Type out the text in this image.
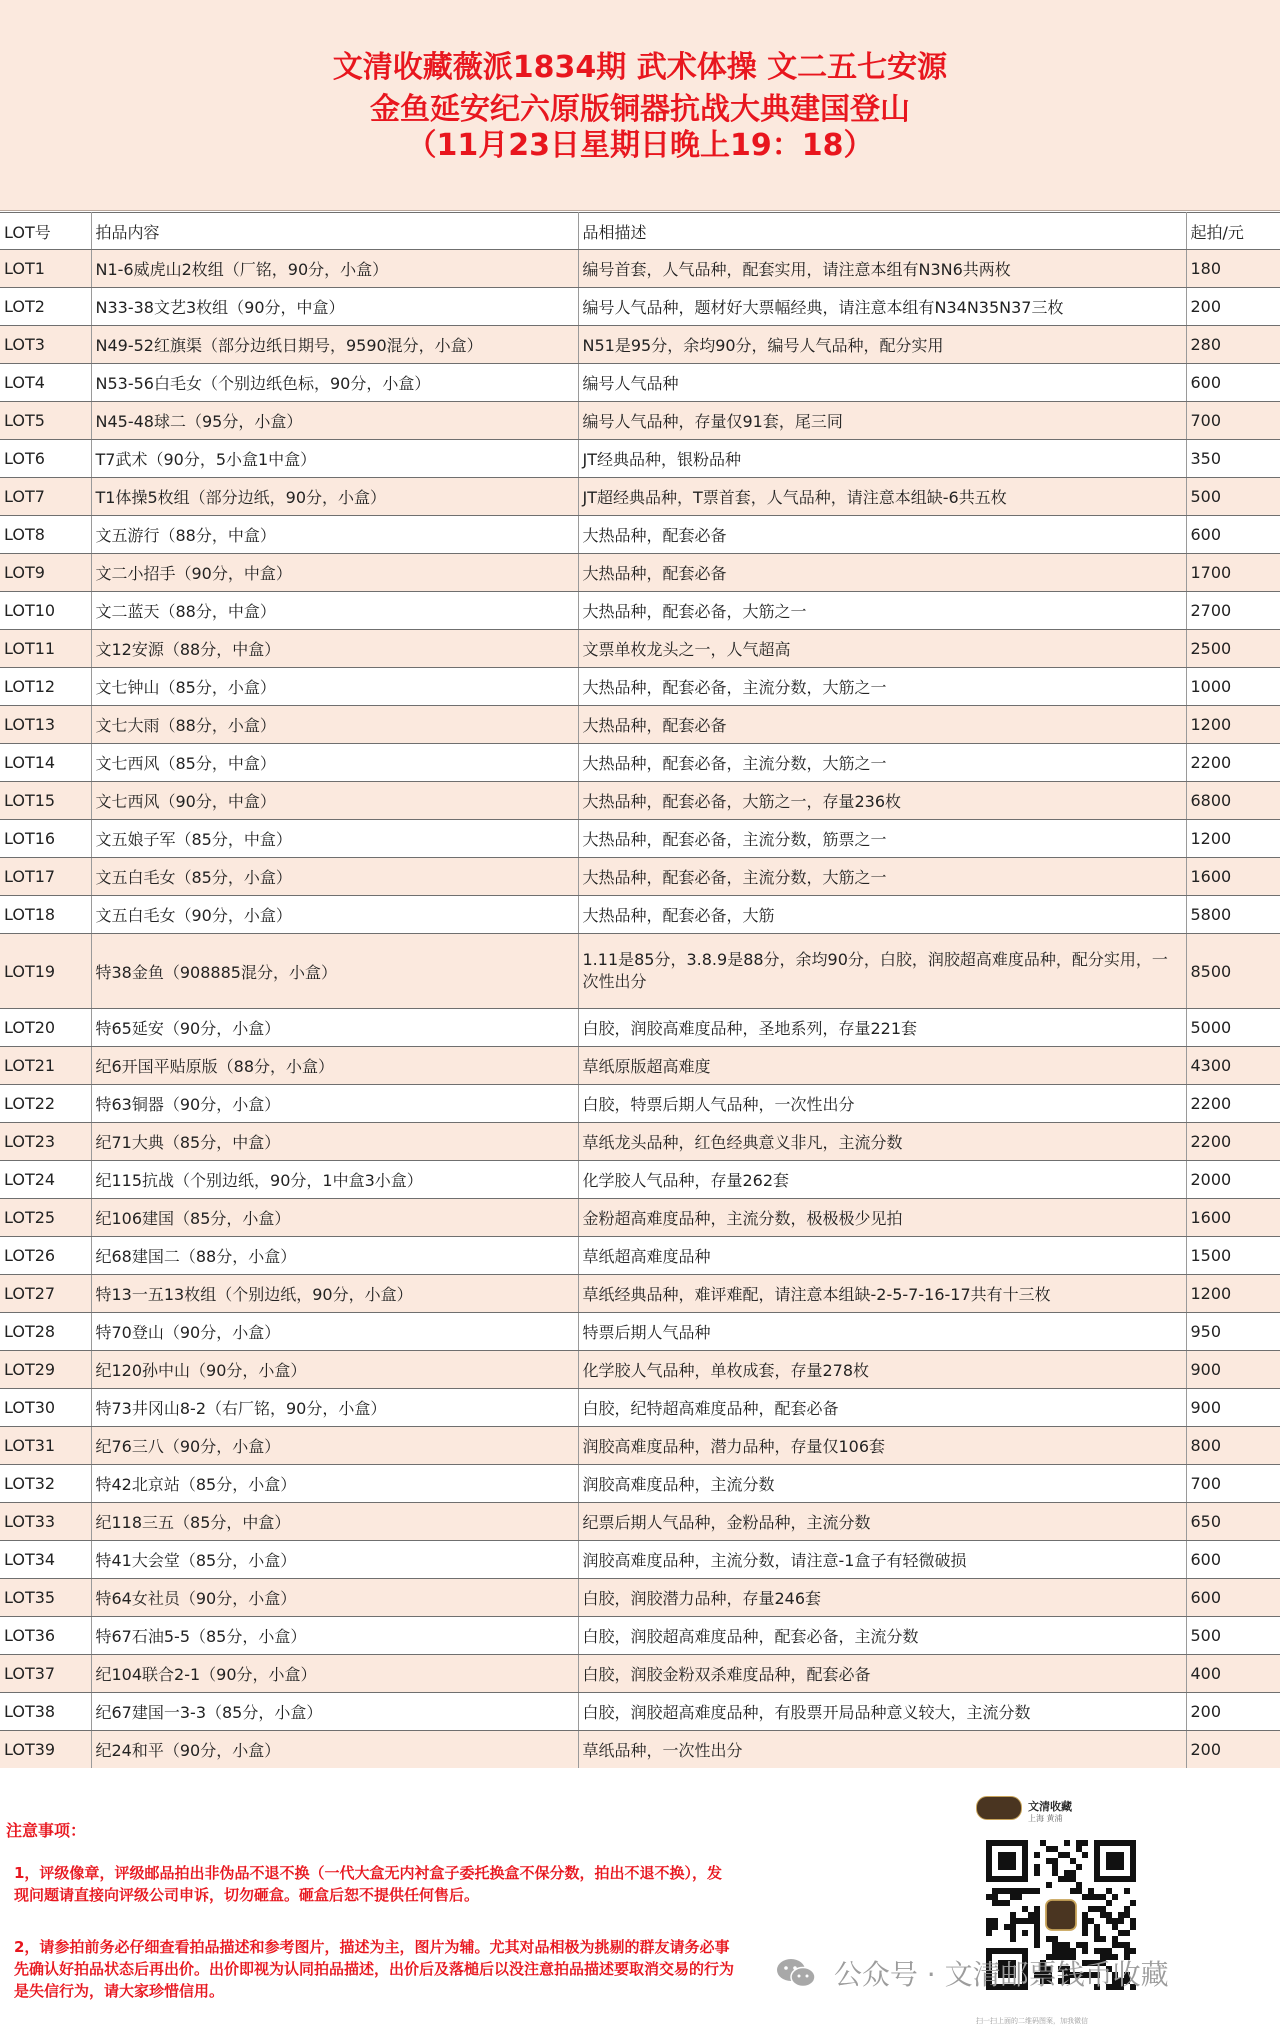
文清收藏薇派1834期 武术体操 文二五七安源
金鱼延安纪六原版铜器抗战大典建国登山
（11月23日星期日晚上19：18）
LOT号	拍品内容	品相描述	起拍/元
LOT1	N1-6威虎山2枚组（厂铭，90分，小盒）	编号首套，人气品种，配套实用，请注意本组有N3N6共两枚	180
LOT2	N33-38文艺3枚组（90分，中盒）	编号人气品种，题材好大票幅经典，请注意本组有N34N35N37三枚	200
LOT3	N49-52红旗渠（部分边纸日期号，9590混分，小盒）	N51是95分，余均90分，编号人气品种，配分实用	280
LOT4	N53-56白毛女（个别边纸色标，90分，小盒）	编号人气品种	600
LOT5	N45-48球二（95分，小盒）	编号人气品种，存量仅91套，尾三同	700
LOT6	T7武术（90分，5小盒1中盒）	JT经典品种，银粉品种	350
LOT7	T1体操5枚组（部分边纸，90分，小盒）	JT超经典品种，T票首套，人气品种，请注意本组缺-6共五枚	500
LOT8	文五游行（88分，中盒）	大热品种，配套必备	600
LOT9	文二小招手（90分，中盒）	大热品种，配套必备	1700
LOT10	文二蓝天（88分，中盒）	大热品种，配套必备，大筋之一	2700
LOT11	文12安源（88分，中盒）	文票单枚龙头之一，人气超高	2500
LOT12	文七钟山（85分，小盒）	大热品种，配套必备，主流分数，大筋之一	1000
LOT13	文七大雨（88分，小盒）	大热品种，配套必备	1200
LOT14	文七西风（85分，中盒）	大热品种，配套必备，主流分数，大筋之一	2200
LOT15	文七西风（90分，中盒）	大热品种，配套必备，大筋之一，存量236枚	6800
LOT16	文五娘子军（85分，中盒）	大热品种，配套必备，主流分数，筋票之一	1200
LOT17	文五白毛女（85分，小盒）	大热品种，配套必备，主流分数，大筋之一	1600
LOT18	文五白毛女（90分，小盒）	大热品种，配套必备，大筋	5800
LOT19	特38金鱼（908885混分，小盒）	1.11是85分，3.8.9是88分，余均90分，白胶，润胶超高难度品种，配分实用，一次性出分	8500
LOT20	特65延安（90分，小盒）	白胶，润胶高难度品种，圣地系列，存量221套	5000
LOT21	纪6开国平贴原版（88分，小盒）	草纸原版超高难度	4300
LOT22	特63铜器（90分，小盒）	白胶，特票后期人气品种，一次性出分	2200
LOT23	纪71大典（85分，中盒）	草纸龙头品种，红色经典意义非凡，主流分数	2200
LOT24	纪115抗战（个别边纸，90分，1中盒3小盒）	化学胶人气品种，存量262套	2000
LOT25	纪106建国（85分，小盒）	金粉超高难度品种，主流分数，极极极少见拍	1600
LOT26	纪68建国二（88分，小盒）	草纸超高难度品种	1500
LOT27	特13一五13枚组（个别边纸，90分，小盒）	草纸经典品种，难评难配，请注意本组缺-2-5-7-16-17共有十三枚	1200
LOT28	特70登山（90分，小盒）	特票后期人气品种	950
LOT29	纪120孙中山（90分，小盒）	化学胶人气品种，单枚成套，存量278枚	900
LOT30	特73井冈山8-2（右厂铭，90分，小盒）	白胶，纪特超高难度品种，配套必备	900
LOT31	纪76三八（90分，小盒）	润胶高难度品种，潜力品种，存量仅106套	800
LOT32	特42北京站（85分，小盒）	润胶高难度品种，主流分数	700
LOT33	纪118三五（85分，中盒）	纪票后期人气品种，金粉品种，主流分数	650
LOT34	特41大会堂（85分，小盒）	润胶高难度品种，主流分数，请注意-1盒子有轻微破损	600
LOT35	特64女社员（90分，小盒）	白胶，润胶潜力品种，存量246套	600
LOT36	特67石油5-5（85分，小盒）	白胶，润胶超高难度品种，配套必备，主流分数	500
LOT37	纪104联合2-1（90分，小盒）	白胶，润胶金粉双杀难度品种，配套必备	400
LOT38	纪67建国一3-3（85分，小盒）	白胶，润胶超高难度品种，有股票开局品种意义较大，主流分数	200
LOT39	纪24和平（90分，小盒）	草纸品种，一次性出分	200
注意事项：
1，评级像章，评级邮品拍出非伪品不退不换（一代大盒无内衬盒子委托换盒不保分数，拍出不退不换），发现问题请直接向评级公司申诉，切勿砸盒。砸盒后恕不提供任何售后。
2，请参拍前务必仔细查看拍品描述和参考图片，描述为主，图片为辅。尤其对品相极为挑剔的群友请务必事先确认好拍品状态后再出价。出价即视为认同拍品描述，出价后及落槌后以没注意拍品描述要取消交易的行为是失信行为，请大家珍惜信用。
文清收藏
上海 黄浦
扫一扫上面的二维码图案，加我微信
公众号 · 文清邮票钱币收藏
